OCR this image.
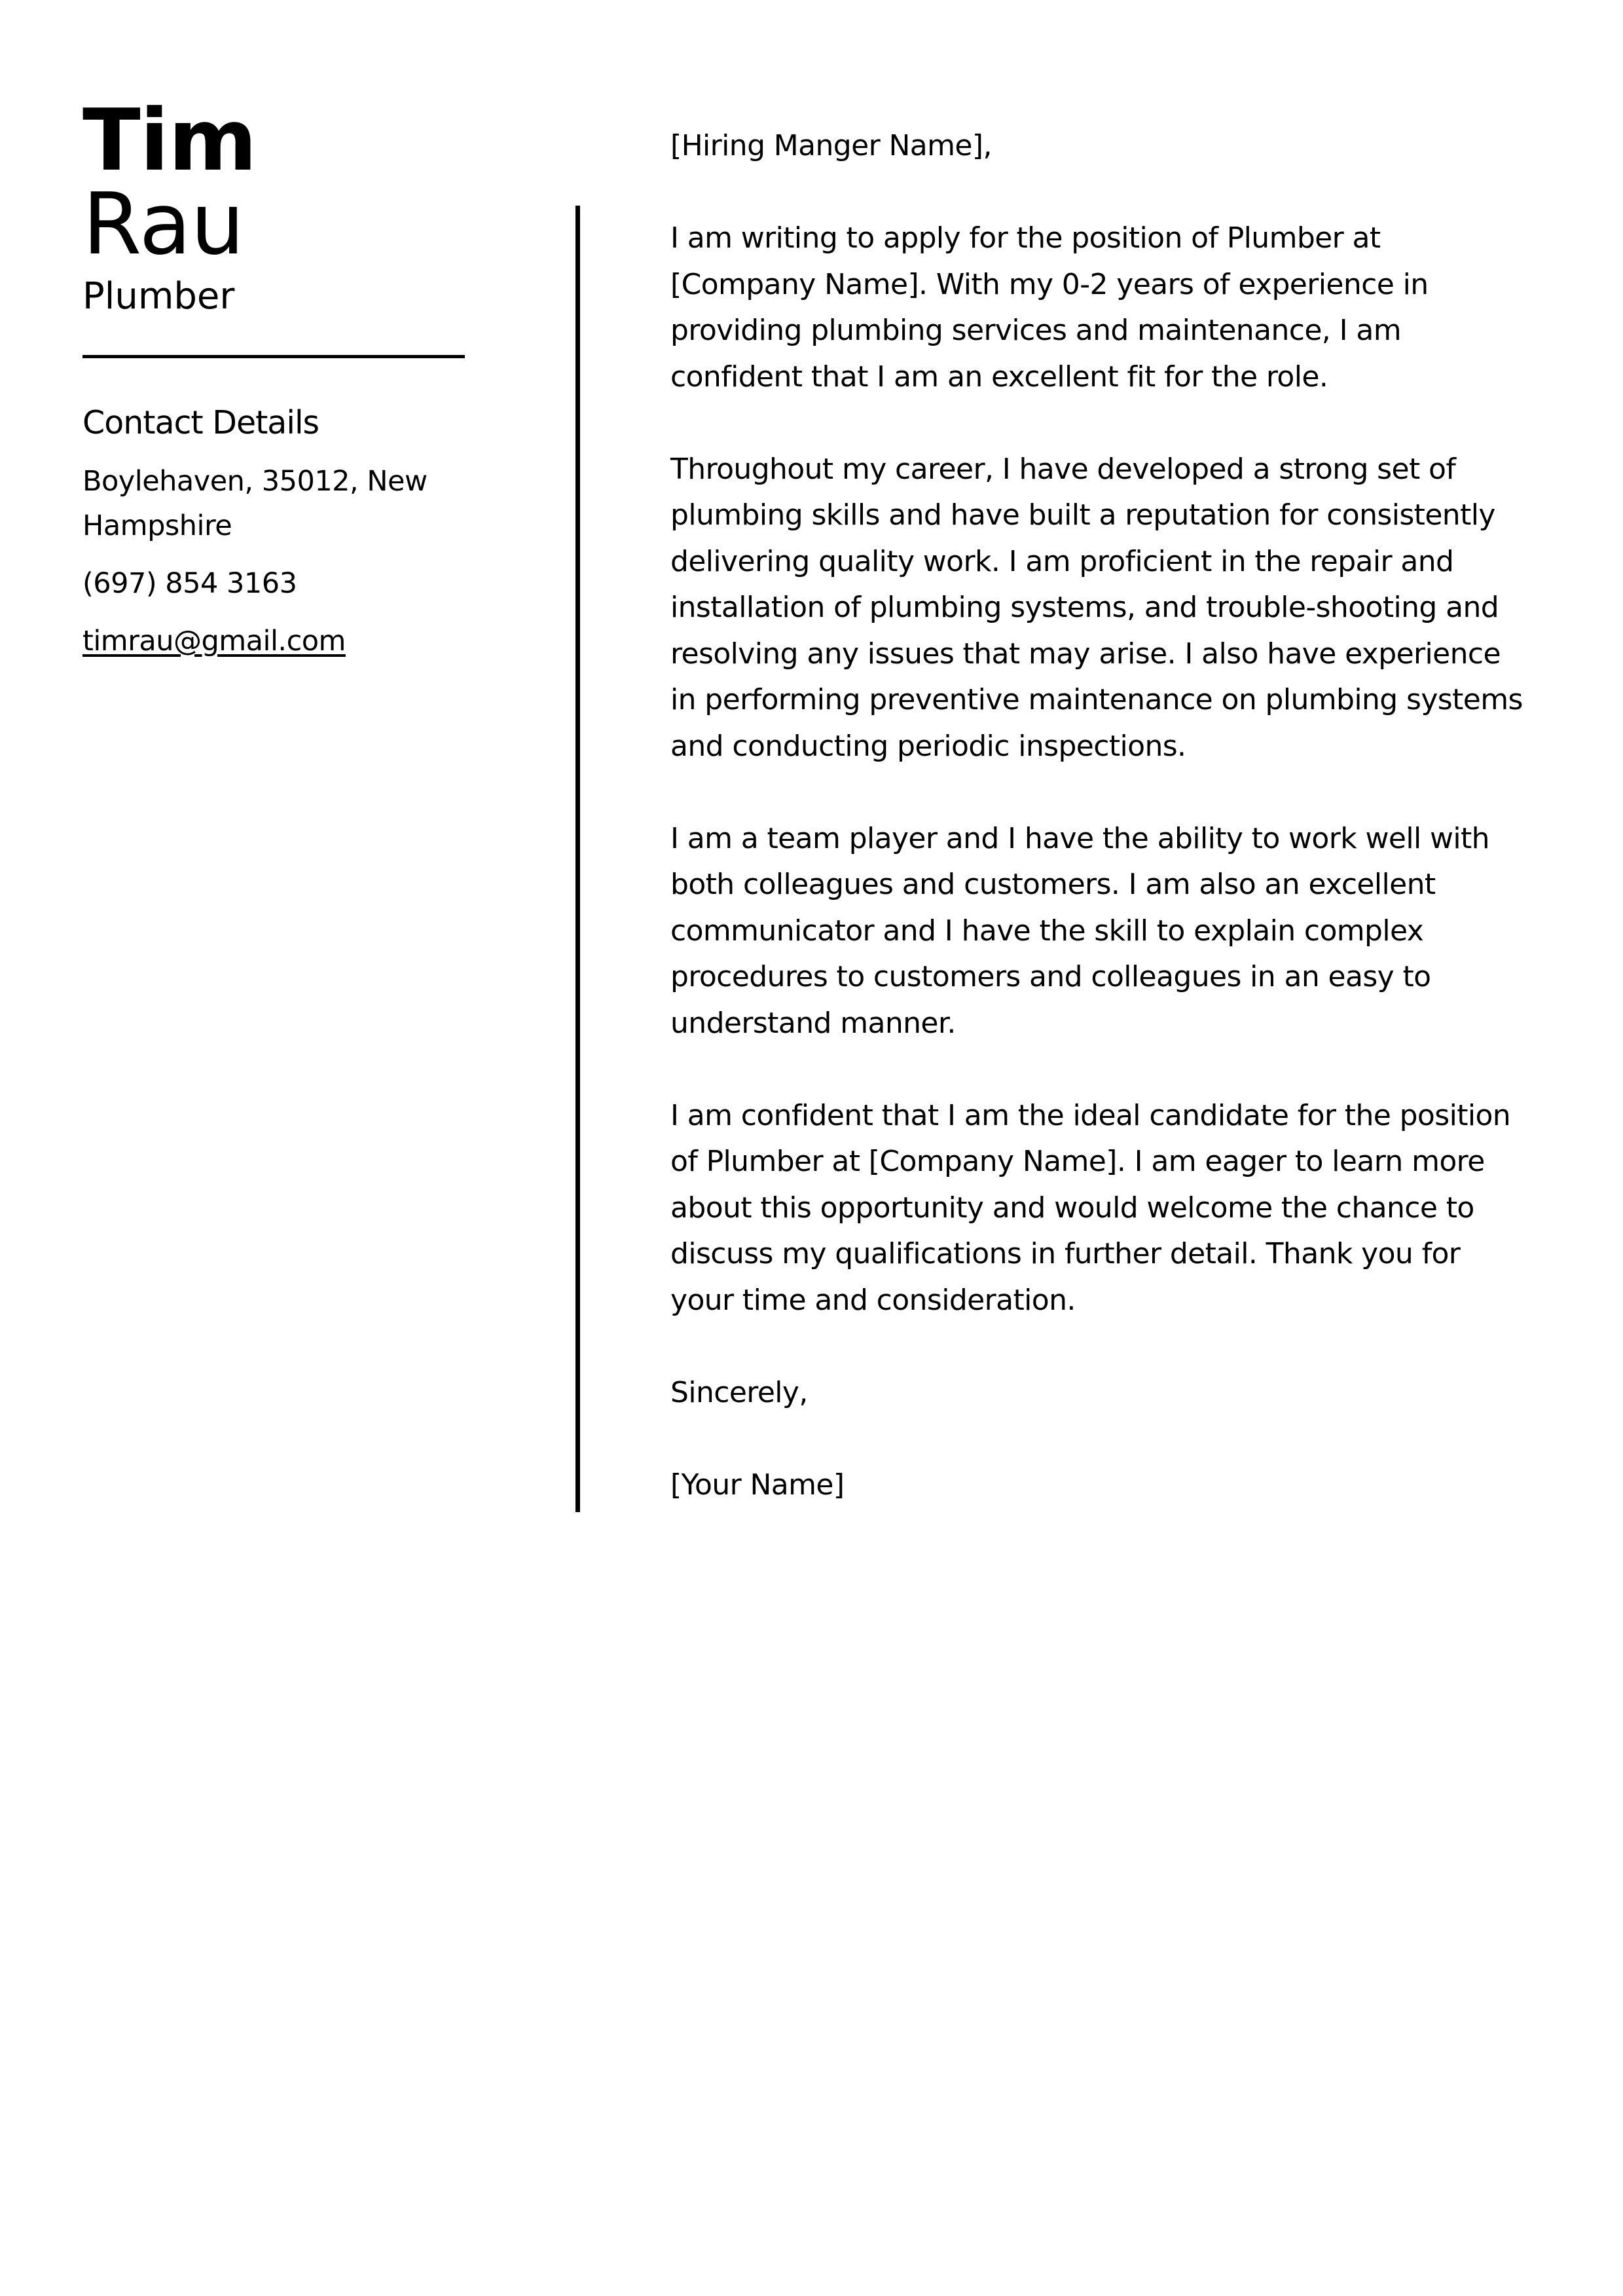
Tim
Rau
Plumber
Contact Details
Boylehaven, 35012, New Hampshire
(697) 854 3163
timrau@gmail.com

[Hiring Manger Name],

I am writing to apply for the position of Plumber at [Company Name]. With my 0-2 years of experience in providing plumbing services and maintenance, I am confident that I am an excellent fit for the role.

Throughout my career, I have developed a strong set of plumbing skills and have built a reputation for consistently delivering quality work. I am proficient in the repair and installation of plumbing systems, and trouble-shooting and resolving any issues that may arise. I also have experience in performing preventive maintenance on plumbing systems and conducting periodic inspections.

I am a team player and I have the ability to work well with both colleagues and customers. I am also an excellent communicator and I have the skill to explain complex procedures to customers and colleagues in an easy to understand manner.

I am confident that I am the ideal candidate for the position of Plumber at [Company Name]. I am eager to learn more about this opportunity and would welcome the chance to discuss my qualifications in further detail. Thank you for your time and consideration.

Sincerely,

[Your Name]
